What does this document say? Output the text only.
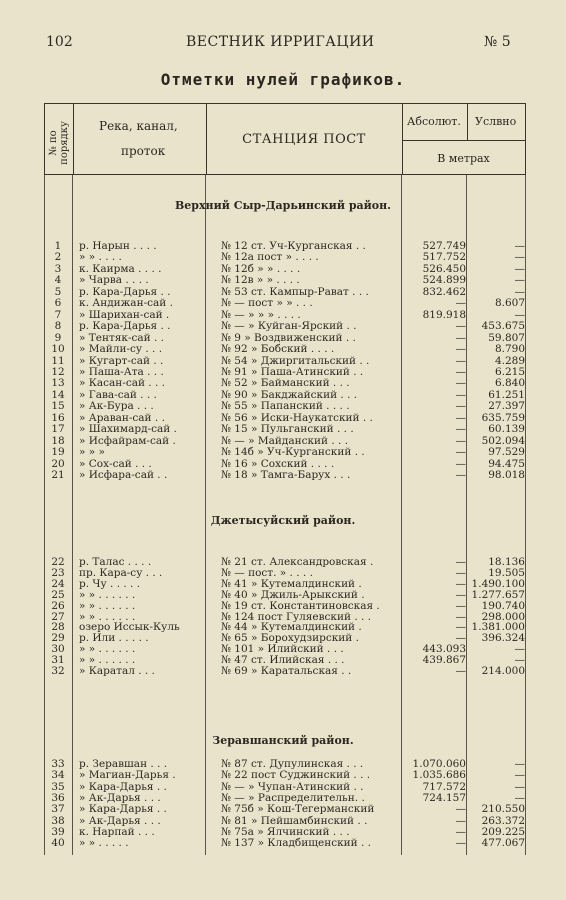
102	ВЕСТНИК ИРРИГАЦИИ	№ 5
Отметки нулей графиков.
№ по порядку Река, канал,
проток
СТАНЦИЯ ПОСТ
Абсолют. Услвно
В метрах
Верхний Сыр-Дарьинский район.
1	р. Нарын . . . .	№ 12 ст. Уч-Курганская . .	527.749	—
2	» » . . . .	№ 12а пост » . . . .	517.752	—
3	к. Каирма . . . .	№ 12б » » . . . .	526.450	—
4	» Чарва . . . .	№ 12в » » . . . .	524.899	—
5	р. Кара-Дарья . .	№ 53 ст. Кампыр-Рават . . .	832.462	—
6	к. Андижан-сай .	№ — пост » » . . .	—	8.607
7	» Шарихан-сай .	№ — » » » . . . .	819.918	—
8	р. Кара-Дарья . .	№ — » Куйган-Ярский . .	—	453.675
9	» Тентяк-сай . .	№ 9 » Воздвиженский . .	—	59.807
10	» Майли-су . . .	№ 92 » Бобский . . . .	—	8.790
11	» Кугарт-сай . .	№ 54 » Джиргитальский . .	—	4.289
12	» Паша-Ата . . .	№ 91 » Паша-Атинский . .	—	6.215
13	» Касан-сай . . .	№ 52 » Байманский . . .	—	6.840
14	» Гава-сай . . .	№ 90 » Бакджайский . . .	—	61.251
15	» Ак-Бура . . .	№ 55 » Папанский . . . .	—	27.397
16	» Араван-сай . .	№ 56 » Иски-Наукатский . .	—	635.759
17	» Шахимард-сай .	№ 15 » Пульганский . . .	—	60.139
18	» Исфайрам-сай .	№ — » Майданский . . .	—	502.094
19	» » »	№ 14б » Уч-Курганский . .	—	97.529
20	» Сох-сай . . .	№ 16 » Сохский . . . .	—	94.475
21	» Исфара-сай . .	№ 18 » Тамга-Барух . . .	—	98.018
Джетысуйский район.
22	р. Талас . . . .	№ 21 ст. Александровская .	—	18.136
23	пр. Кара-су . . .	№ — пост. » . . . .	—	19.505
24	р. Чу . . . . .	№ 41 » Кутемалдинский .	— 1.490.100
25	» » . . . . . .	№ 40 » Джиль-Арыкский .	— 1.277.657
26	» » . . . . . .	№ 19 ст. Константиновская .	—	190.740
27	» » . . . . . .	№ 124 пост Гуляевский . . .	—	298.000
28	озеро Иссык-Куль	№ 44 » Кутемалдинский .	— 1.381.000
29	р. Или . . . . .	№ 65 » Борохудзирский .	—	396.324
30	» » . . . . . .	№ 101 » Илийский . . .	443.093	—
31	» » . . . . . .	№ 47 ст. Илийская . . .	439.867	—
32	» Каратал . . .	№ 69 » Каратальская . .	—	214.000
Зеравшанский район.
33	р. Зеравшан . . .	№ 87 ст. Дупулинская . . .	1.070.060	—
34	» Магиан-Дарья .	№ 22 пост Суджинский . . .	1.035.686	—
35	» Кара-Дарья . .	№ — » Чупан-Атинский . .	717.572	—
36	» Ак-Дарья . . .	№ — » Распределительн. .	724.157	—
37	» Кара-Дарья . .	№ 75б » Кош-Тегерманский	—	210.550
38	» Ак-Дарья . . .	№ 81 » Пейшамбинский . .	—	263.372
39	к. Нарпай . . .	№ 75а » Ялчинский . . .	—	209.225
40	» » . . . . .	№ 137 » Кладбищенский . .	—	477.067
